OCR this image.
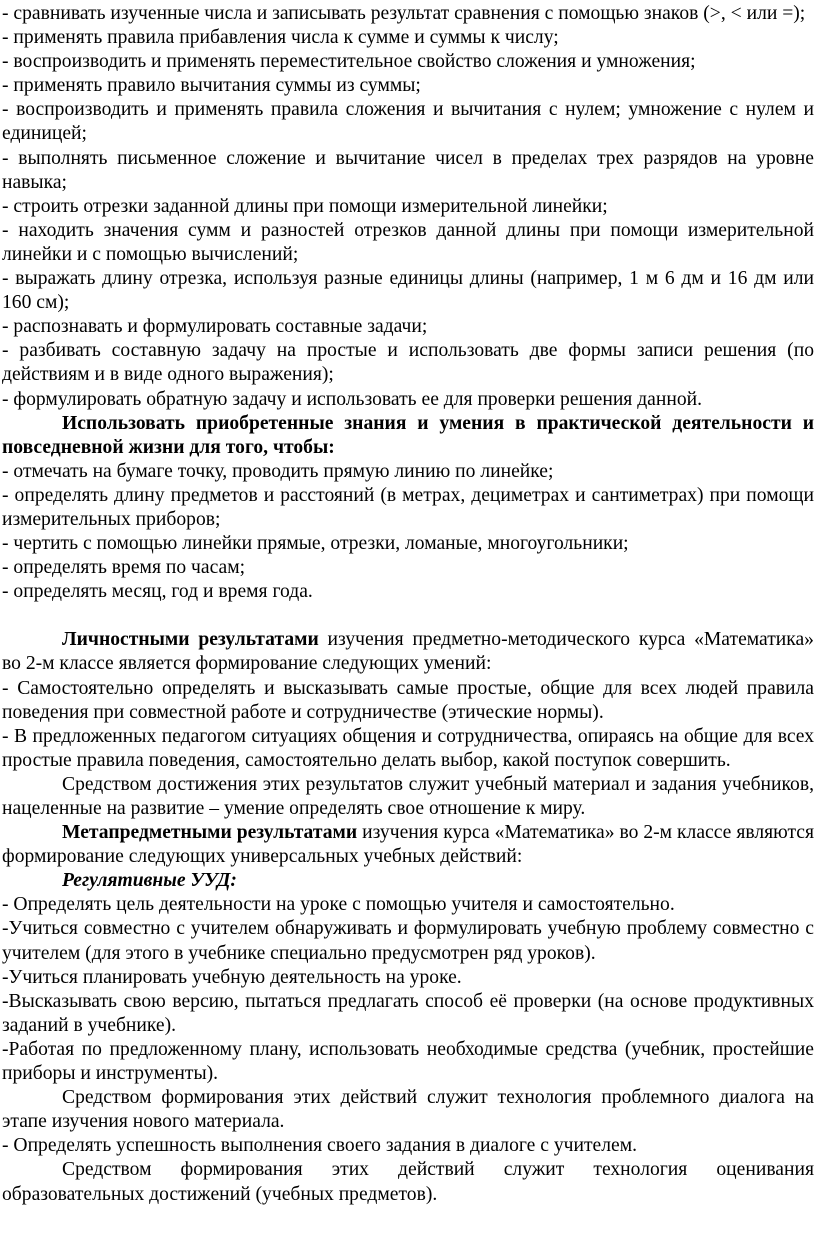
- сравнивать изученные числа и записывать результат сравнения с помощью знаков (>, < или =);

- применять правила прибавления числа к сумме и суммы к числу;

- воспроизводить и применять переместительное свойство сложения и умножения;

- применять правило вычитания суммы из суммы;

- воспроизводить и применять правила сложения и вычитания с нулем; умножение с нулем и единицей;

- выполнять письменное сложение и вычитание чисел в пределах трех разрядов на уровне навыка;

- строить отрезки заданной длины при помощи измерительной линейки;

- находить значения сумм и разностей отрезков данной длины при помощи измерительной линейки и с помощью вычислений;

- выражать длину отрезка, используя разные единицы длины (например, 1 м 6 дм и 16 дм или 160 см);

- распознавать и формулировать составные задачи;

- разбивать составную задачу на простые и использовать две формы записи решения (по действиям и в виде одного выражения);

- формулировать обратную задачу и использовать ее для проверки решения данной.

Использовать приобретенные знания и умения в практической деятельности и повседневной жизни для того, чтобы:

- отмечать на бумаге точку, проводить прямую линию по линейке;

- определять длину предметов и расстояний (в метрах, дециметрах и сантиметрах) при помощи измерительных приборов;

- чертить с помощью линейки прямые, отрезки, ломаные, многоугольники;

- определять время по часам;

- определять месяц, год и время года.

Личностными результатами изучения предметно-методического курса «Математика» во 2-м классе является формирование следующих умений:

- Самостоятельно определять и высказывать самые простые, общие для всех людей правила поведения при совместной работе и сотрудничестве (этические нормы).

- В предложенных педагогом ситуациях общения и сотрудничества, опираясь на общие для всех простые правила поведения, самостоятельно делать выбор, какой поступок совершить.

Средством достижения этих результатов служит учебный материал и задания учебников, нацеленные на развитие – умение определять свое отношение к миру.

Метапредметными результатами изучения курса «Математика» во 2-м классе являются формирование следующих универсальных учебных действий:

Регулятивные УУД:

- Определять цель деятельности на уроке с помощью учителя и самостоятельно.

-Учиться совместно с учителем обнаруживать и формулировать учебную проблему совместно с учителем (для этого в учебнике специально предусмотрен ряд уроков).

-Учиться планировать учебную деятельность на уроке.

-Высказывать свою версию, пытаться предлагать способ её проверки (на основе продуктивных заданий в учебнике).

-Работая по предложенному плану, использовать необходимые средства (учебник, простейшие приборы и инструменты).

Средством формирования этих действий служит технология проблемного диалога на этапе изучения нового материала.

- Определять успешность выполнения своего задания в диалоге с учителем.

Средством формирования этих действий служит технология оценивания образовательных достижений (учебных предметов).
